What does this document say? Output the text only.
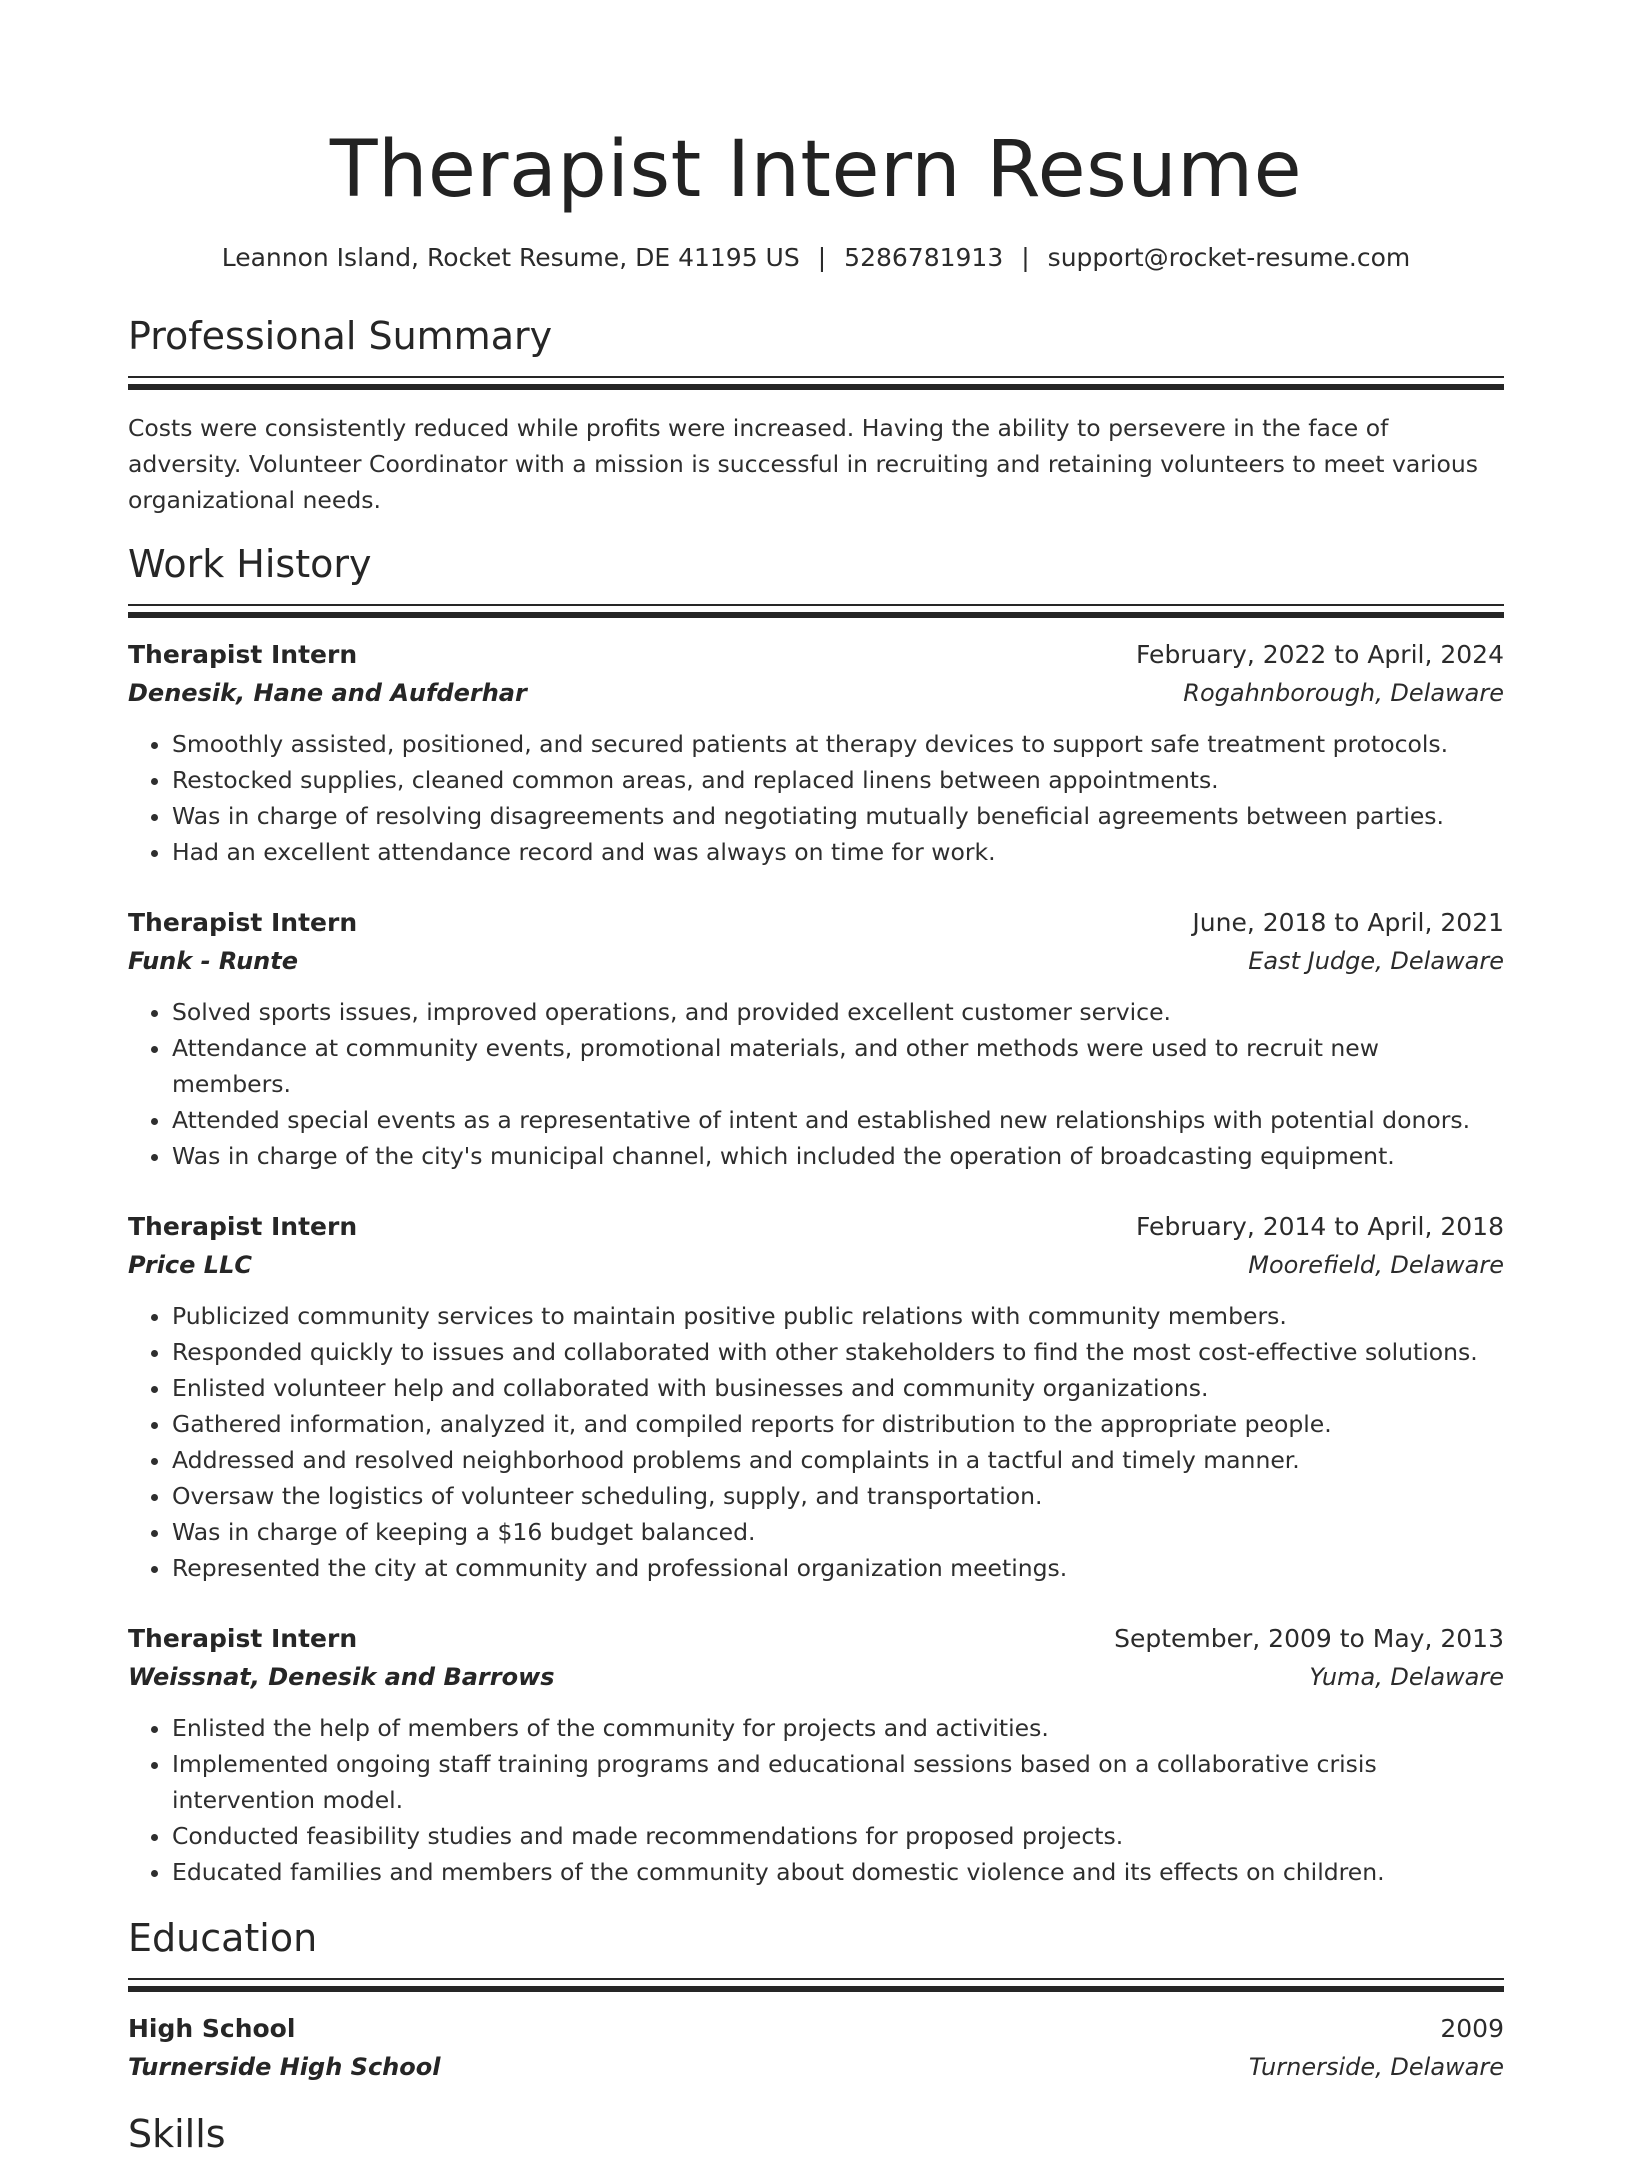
Therapist Intern Resume
Leannon Island, Rocket Resume, DE 41195 US | 5286781913 | support@rocket-resume.com
Professional Summary
Costs were consistently reduced while profits were increased. Having the ability to persevere in the face of adversity. Volunteer Coordinator with a mission is successful in recruiting and retaining volunteers to meet various organizational needs.
Work History
Therapist Intern	February, 2022 to April, 2024
Denesik, Hane and Aufderhar	Rogahnborough, Delaware
• Smoothly assisted, positioned, and secured patients at therapy devices to support safe treatment protocols.
• Restocked supplies, cleaned common areas, and replaced linens between appointments.
• Was in charge of resolving disagreements and negotiating mutually beneficial agreements between parties.
• Had an excellent attendance record and was always on time for work.
Therapist Intern	June, 2018 to April, 2021
Funk - Runte	East Judge, Delaware
• Solved sports issues, improved operations, and provided excellent customer service.
• Attendance at community events, promotional materials, and other methods were used to recruit new members.
• Attended special events as a representative of intent and established new relationships with potential donors.
• Was in charge of the city's municipal channel, which included the operation of broadcasting equipment.
Therapist Intern	February, 2014 to April, 2018
Price LLC	Moorefield, Delaware
• Publicized community services to maintain positive public relations with community members.
• Responded quickly to issues and collaborated with other stakeholders to find the most cost-effective solutions.
• Enlisted volunteer help and collaborated with businesses and community organizations.
• Gathered information, analyzed it, and compiled reports for distribution to the appropriate people.
• Addressed and resolved neighborhood problems and complaints in a tactful and timely manner.
• Oversaw the logistics of volunteer scheduling, supply, and transportation.
• Was in charge of keeping a $16 budget balanced.
• Represented the city at community and professional organization meetings.
Therapist Intern	September, 2009 to May, 2013
Weissnat, Denesik and Barrows	Yuma, Delaware
• Enlisted the help of members of the community for projects and activities.
• Implemented ongoing staff training programs and educational sessions based on a collaborative crisis intervention model.
• Conducted feasibility studies and made recommendations for proposed projects.
• Educated families and members of the community about domestic violence and its effects on children.
Education
High School	2009
Turnerside High School	Turnerside, Delaware
Skills
